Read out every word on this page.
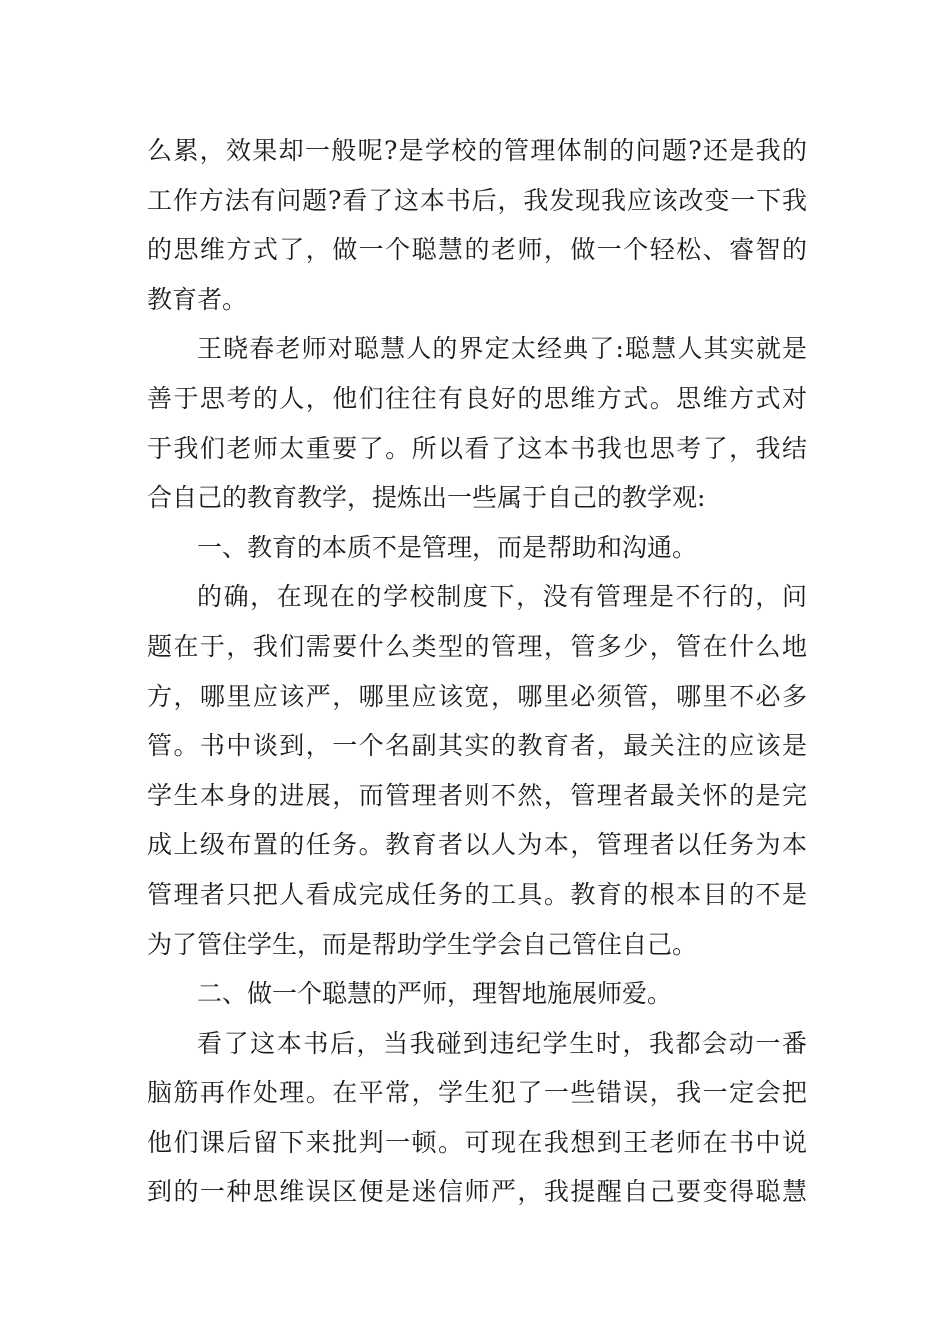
么累，效果却一般呢?是学校的管理体制的问题?还是我的
工作方法有问题?看了这本书后，我发现我应该改变一下我
的思维方式了，做一个聪慧的老师，做一个轻松、睿智的
教育者。
王晓春老师对聪慧人的界定太经典了:聪慧人其实就是
善于思考的人，他们往往有良好的思维方式。思维方式对
于我们老师太重要了。所以看了这本书我也思考了，我结
合自己的教育教学，提炼出一些属于自己的教学观:
一、教育的本质不是管理，而是帮助和沟通。
的确，在现在的学校制度下，没有管理是不行的，问
题在于，我们需要什么类型的管理，管多少，管在什么地
方，哪里应该严，哪里应该宽，哪里必须管，哪里不必多
管。书中谈到，一个名副其实的教育者，最关注的应该是
学生本身的进展，而管理者则不然，管理者最关怀的是完
成上级布置的任务。教育者以人为本，管理者以任务为本
管理者只把人看成完成任务的工具。教育的根本目的不是
为了管住学生，而是帮助学生学会自己管住自己。
二、做一个聪慧的严师，理智地施展师爱。
看了这本书后，当我碰到违纪学生时，我都会动一番
脑筋再作处理。在平常，学生犯了一些错误，我一定会把
他们课后留下来批判一顿。可现在我想到王老师在书中说
到的一种思维误区便是迷信师严，我提醒自己要变得聪慧
